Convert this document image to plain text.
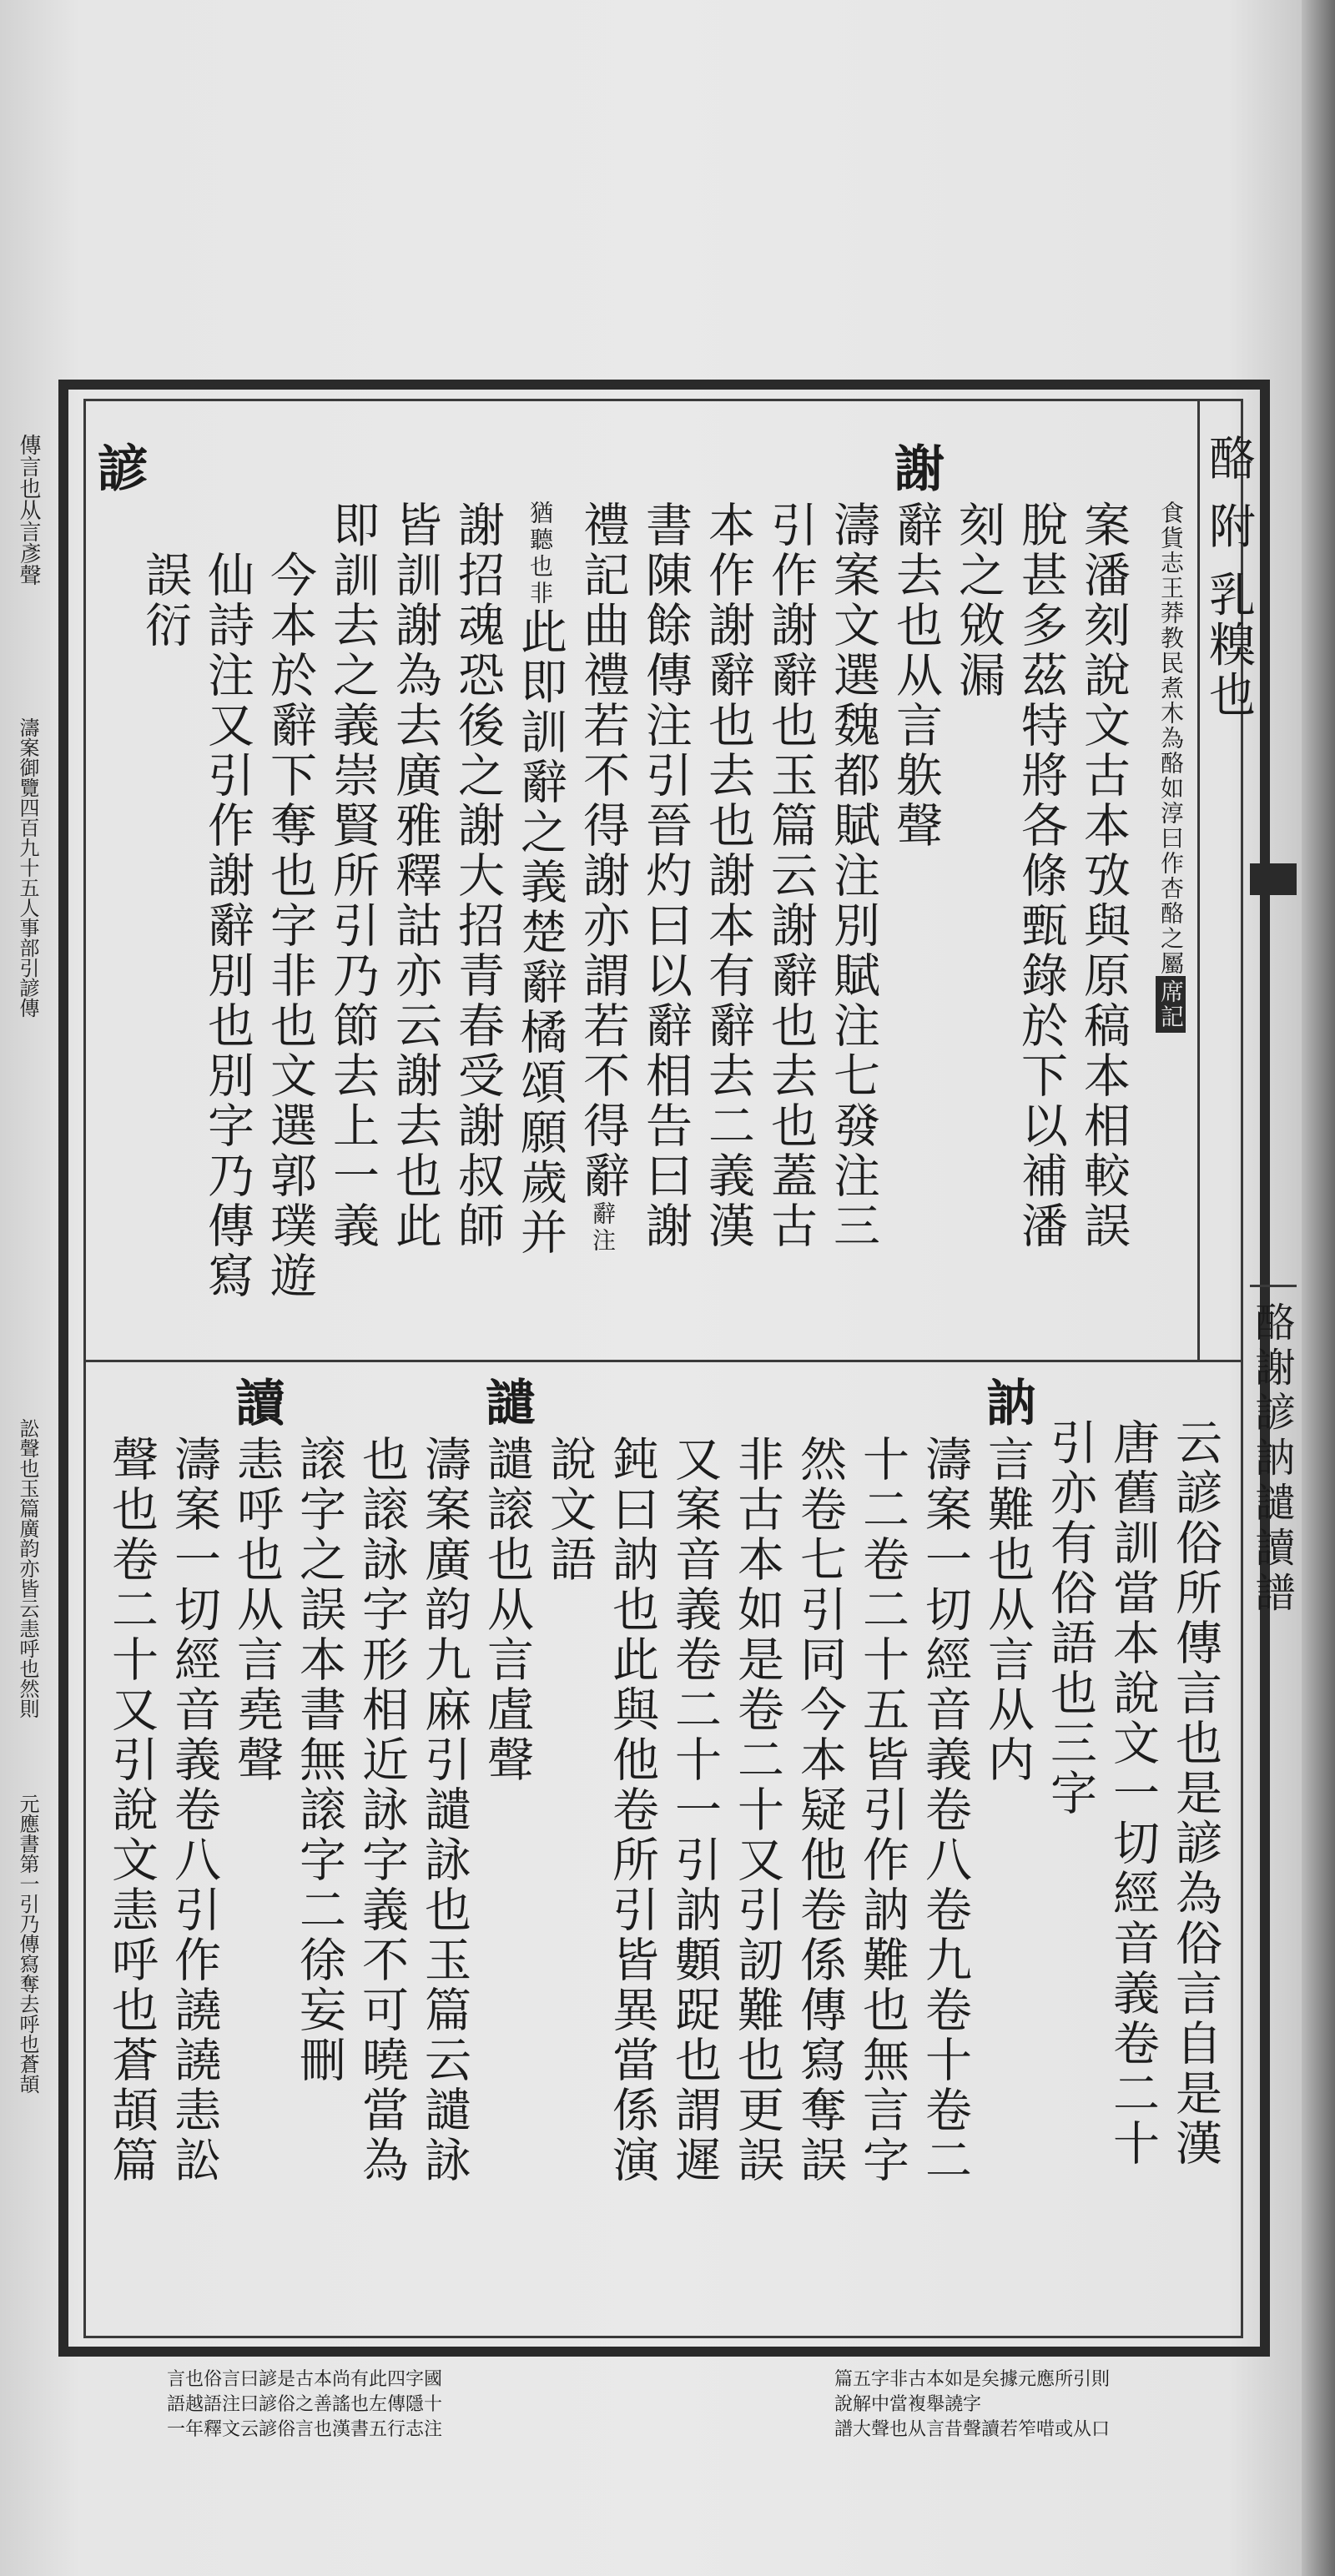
酪謝諺訥譴讀譜
酪 附 乳糗也
食貨志王莽教民煮木為酪如淳曰作杏酪之屬席記
案潘刻說文古本攷與原稿本相較誤
脫甚多茲特將各條甄錄於下以補潘
刻之敓漏
謝
辭去也从言䠶聲
濤案文選魏都賦注別賦注七發注三
引作謝辭也玉篇云謝辭也去也蓋古
本作謝辭也去也謝本有辭去二義漢
書陳餘傳注引晉灼曰以辭相告曰謝
禮記曲禮若不得謝亦謂若不得辭辭注
猶聽也非此即訓辭之義楚辭橘頌願歲并
謝招魂恐後之謝大招青春受謝叔師
皆訓謝為去廣雅釋詁亦云謝去也此
即訓去之義崇賢所引乃節去上一義
今本於辭下奪也字非也文選郭璞遊
仙詩注又引作謝辭別也別字乃傳寫
誤衍
諺
云諺俗所傳言也是諺為俗言自是漢
唐舊訓當本說文一切經音義卷二十
引亦有俗語也三字
訥
言難也从言从内
濤案一切經音義卷八卷九卷十卷二
十二卷二十五皆引作訥難也無言字
然卷七引同今本疑他卷係傳寫奪誤
非古本如是卷二十又引訒難也更誤
又案音義卷二十一引訥䫫踀也謂遲
鈍曰訥也此與他卷所引皆異當係演
說文語
譴
譴䜇也从言虘聲
濤案廣韵九麻引譴詠也玉篇云譴詠
也䜇詠字形相近詠字義不可曉當為
䜇字之誤本書無䜇字二徐妄刪
讀
恚呼也从言堯聲
濤案一切經音義卷八引作譊譊恚訟
聲也卷二十又引說文恚呼也蒼頡篇
傳言也从言彥聲
濤案御覽四百九十五人事部引諺傳
訟聲也玉篇廣韵亦皆云恚呼也然則
元應書第一引乃傳寫奪去呼也蒼頡
篇五字非古本如是矣據元應所引則
說解中當複舉譊字
譜大聲也从言昔聲讀若笮唶或从口
言也俗言曰諺是古本尚有此四字國
語越語注曰諺俗之善謠也左傳隱十
一年釋文云諺俗言也漢書五行志注
